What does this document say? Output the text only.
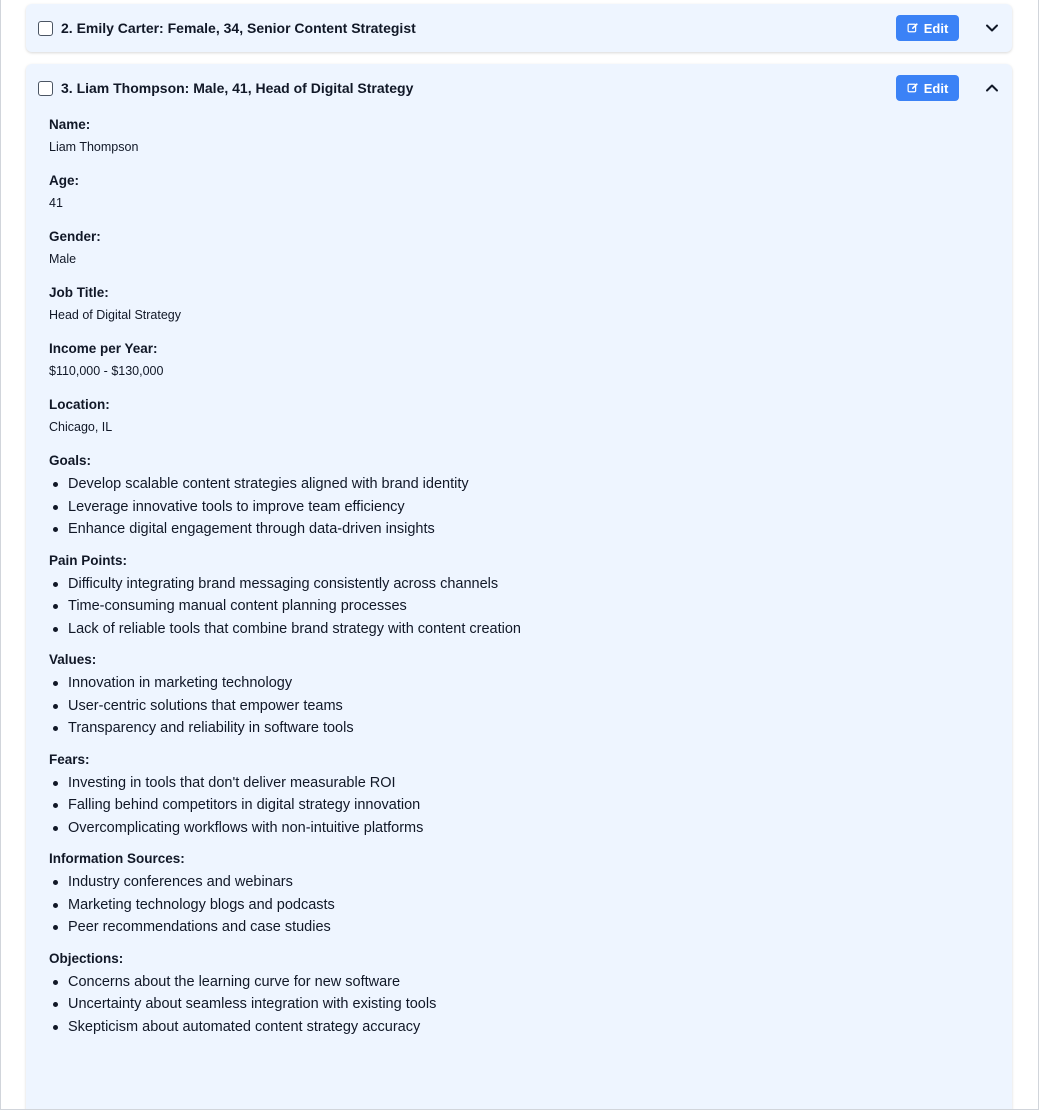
2. Emily Carter: Female, 34, Senior Content Strategist	Edit
3. Liam Thompson: Male, 41, Head of Digital Strategy	Edit
Name:
Liam Thompson
Age:
41
Gender:
Male
Job Title:
Head of Digital Strategy
Income per Year:
$110,000 - $130,000
Location:
Chicago, IL
Goals:
Develop scalable content strategies aligned with brand identity
Leverage innovative tools to improve team efficiency
Enhance digital engagement through data-driven insights
Pain Points:
Difficulty integrating brand messaging consistently across channels
Time-consuming manual content planning processes
Lack of reliable tools that combine brand strategy with content creation
Values:
Innovation in marketing technology
User-centric solutions that empower teams
Transparency and reliability in software tools
Fears:
Investing in tools that don't deliver measurable ROI
Falling behind competitors in digital strategy innovation
Overcomplicating workflows with non-intuitive platforms
Information Sources:
Industry conferences and webinars
Marketing technology blogs and podcasts
Peer recommendations and case studies
Objections:
Concerns about the learning curve for new software
Uncertainty about seamless integration with existing tools
Skepticism about automated content strategy accuracy
